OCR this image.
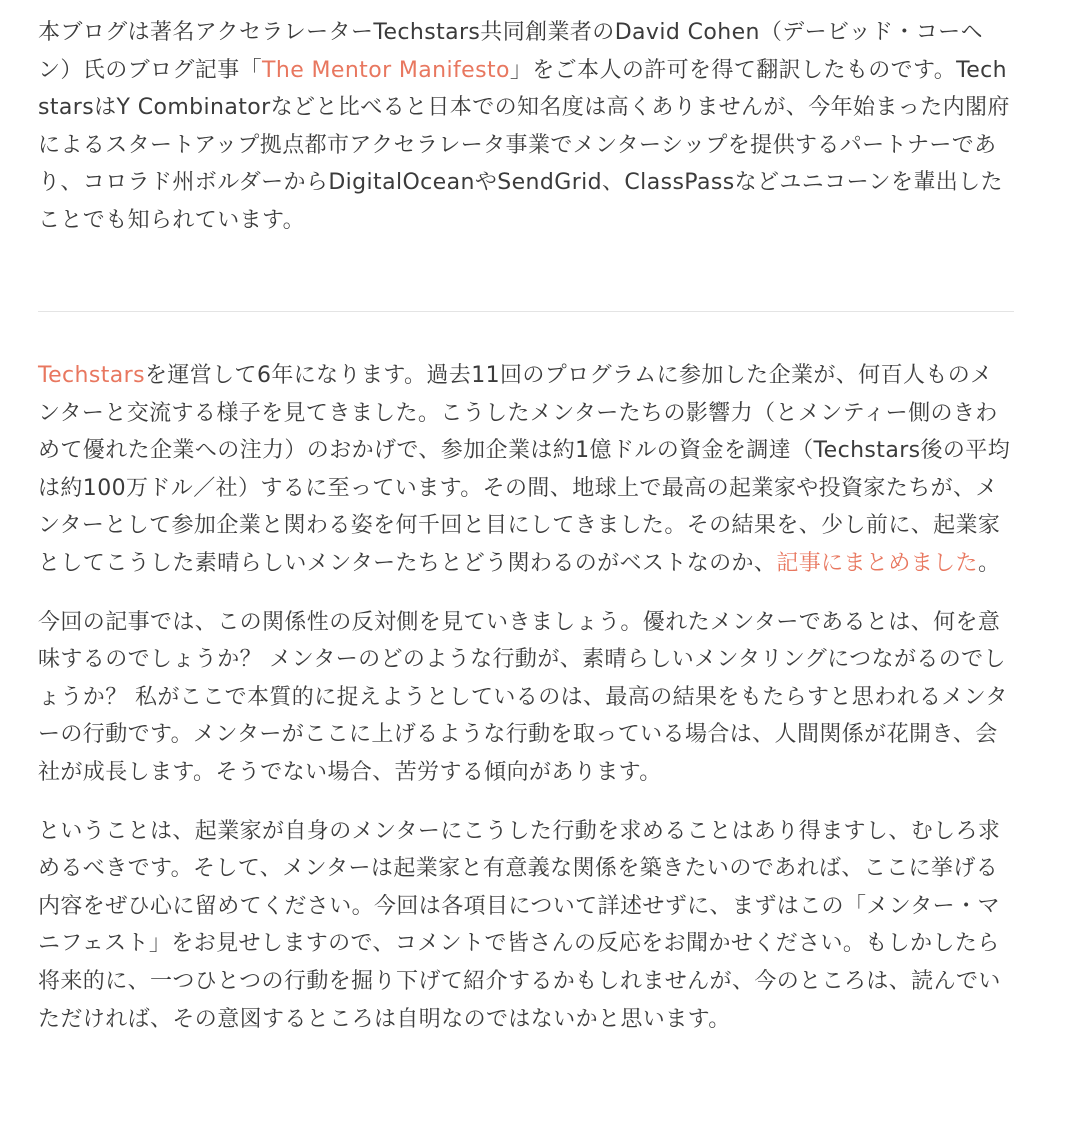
本ブログは著名アクセラレーターTechstars共同創業者のDavid Cohen（デービッド・コーヘン）氏のブログ記事「The Mentor Manifesto」をご本人の許可を得て翻訳したものです。TechstarsはY Combinatorなどと比べると日本での知名度は高くありませんが、今年始まった内閣府によるスタートアップ拠点都市アクセラレータ事業でメンターシップを提供するパートナーであり、コロラド州ボルダーからDigitalOceanやSendGrid、ClassPassなどユニコーンを輩出したことでも知られています。

Techstarsを運営して6年になります。過去11回のプログラムに参加した企業が、何百人ものメンターと交流する様子を見てきました。こうしたメンターたちの影響力（とメンティー側のきわめて優れた企業への注力）のおかげで、参加企業は約1億ドルの資金を調達（Techstars後の平均は約100万ドル／社）するに至っています。その間、地球上で最高の起業家や投資家たちが、メンターとして参加企業と関わる姿を何千回と目にしてきました。その結果を、少し前に、起業家としてこうした素晴らしいメンターたちとどう関わるのがベストなのか、記事にまとめました。

今回の記事では、この関係性の反対側を見ていきましょう。優れたメンターであるとは、何を意味するのでしょうか？ メンターのどのような行動が、素晴らしいメンタリングにつながるのでしょうか？ 私がここで本質的に捉えようとしているのは、最高の結果をもたらすと思われるメンターの行動です。メンターがここに上げるような行動を取っている場合は、人間関係が花開き、会社が成長します。そうでない場合、苦労する傾向があります。

ということは、起業家が自身のメンターにこうした行動を求めることはあり得ますし、むしろ求めるべきです。そして、メンターは起業家と有意義な関係を築きたいのであれば、ここに挙げる内容をぜひ心に留めてください。今回は各項目について詳述せずに、まずはこの「メンター・マニフェスト」をお見せしますので、コメントで皆さんの反応をお聞かせください。もしかしたら将来的に、一つひとつの行動を掘り下げて紹介するかもしれませんが、今のところは、読んでいただければ、その意図するところは自明なのではないかと思います。
